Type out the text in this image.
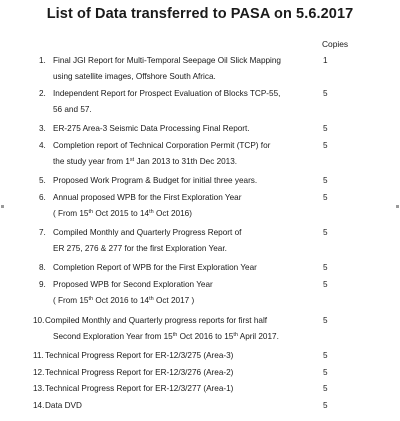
List of Data transferred to PASA on 5.6.2017
Copies
1. Final JGI Report for Multi-Temporal Seepage Oil Slick Mapping
using satellite images, Offshore South Africa.
1
2. Independent Report for Prospect Evaluation of Blocks TCP-55,
56 and 57.
5
3. ER-275 Area-3 Seismic Data Processing Final Report.	5
4. Completion report of Technical Corporation Permit (TCP) for
the study year from 1st Jan 2013 to 31th Dec 2013.
5
5. Proposed Work Program & Budget for initial three years.	5
6. Annual proposed WPB for the First Exploration Year
( From 15th Oct 2015 to 14th Oct 2016)
5
7. Compiled Monthly and Quarterly Progress Report of
ER 275, 276 & 277 for the first Exploration Year.
5
8. Completion Report of WPB for the First Exploration Year	5
9. Proposed WPB for Second Exploration Year
( From 15th Oct 2016 to 14th Oct 2017 )
5
10. Compiled Monthly and Quarterly progress reports for first half
Second Exploration Year from 15th Oct 2016 to 15th April 2017.
5
11. Technical Progress Report for ER-12/3/275 (Area-3)	5
12. Technical Progress Report for ER-12/3/276 (Area-2)	5
13. Technical Progress Report for ER-12/3/277 (Area-1)	5
14. Data DVD	5
